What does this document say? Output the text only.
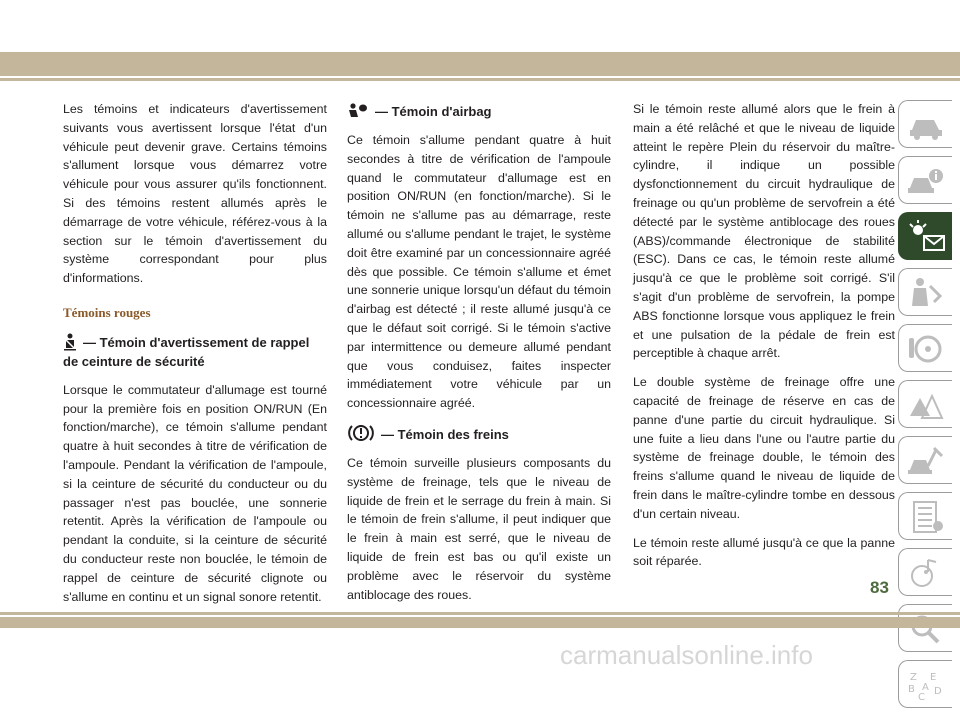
Les témoins et indicateurs d'avertissement suivants vous avertissent lorsque l'état d'un véhicule peut devenir grave. Certains témoins s'allument lorsque vous démarrez votre véhicule pour vous assurer qu'ils fonctionnent. Si des témoins restent allumés après le démarrage de votre véhicule, référez-vous à la section sur le témoin d'avertissement du système correspondant pour plus d'informations.

Témoins rouges
— Témoin d'avertissement de rappel de ceinture de sécurité

Lorsque le commutateur d'allumage est tourné pour la première fois en position ON/RUN (En fonction/marche), ce témoin s'allume pendant quatre à huit secondes à titre de vérification de l'ampoule. Pendant la vérification de l'ampoule, si la ceinture de sécurité du conducteur ou du passager n'est pas bouclée, une sonnerie retentit. Après la vérification de l'ampoule ou pendant la conduite, si la ceinture de sécurité du conducteur reste non bouclée, le témoin de rappel de ceinture de sécurité clignote ou s'allume en continu et un signal sonore retentit.

— Témoin d'airbag

Ce témoin s'allume pendant quatre à huit secondes à titre de vérification de l'ampoule quand le commutateur d'allumage est en position ON/RUN (en fonction/marche). Si le témoin ne s'allume pas au démarrage, reste allumé ou s'allume pendant le trajet, le système doit être examiné par un concessionnaire agréé dès que possible. Ce témoin s'allume et émet une sonnerie unique lorsqu'un défaut du témoin d'airbag est détecté ; il reste allumé jusqu'à ce que le défaut soit corrigé. Si le témoin s'active par intermittence ou demeure allumé pendant que vous conduisez, faites inspecter immédiatement votre véhicule par un concessionnaire agréé.

— Témoin des freins

Ce témoin surveille plusieurs composants du système de freinage, tels que le niveau de liquide de frein et le serrage du frein à main. Si le témoin de frein s'allume, il peut indiquer que le frein à main est serré, que le niveau de liquide de frein est bas ou qu'il existe un problème avec le réservoir du système antiblocage des roues.

Si le témoin reste allumé alors que le frein à main a été relâché et que le niveau de liquide atteint le repère Plein du réservoir du maître-cylindre, il indique un possible dysfonctionnement du circuit hydraulique de freinage ou qu'un problème de servofrein a été détecté par le système antiblocage des roues (ABS)/commande électronique de stabilité (ESC). Dans ce cas, le témoin reste allumé jusqu'à ce que le problème soit corrigé. S'il s'agit d'un problème de servofrein, la pompe ABS fonctionne lorsque vous appliquez le frein et une pulsation de la pédale de frein est perceptible à chaque arrêt.

Le double système de freinage offre une capacité de freinage de réserve en cas de panne d'une partie du circuit hydraulique. Si une fuite a lieu dans l'une ou l'autre partie du système de freinage double, le témoin des freins s'allume quand le niveau de liquide de frein dans le maître-cylindre tombe en dessous d'un certain niveau.

Le témoin reste allumé jusqu'à ce que la panne soit réparée.

Z E
B A D
C
83
carmanualsonline.info
